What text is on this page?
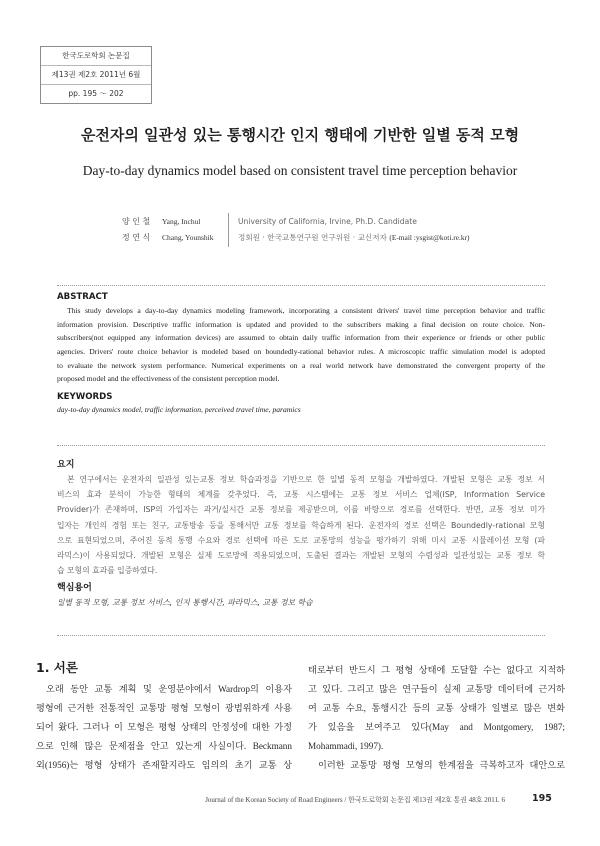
한국도로학회 논문집
제13권 제2호 2011년 6월
pp. 195 ～ 202
운전자의 일관성 있는 통행시간 인지 행태에 기반한 일별 동적 모형
Day-to-day dynamics model based on consistent travel time perception behavior
양 인 철 Yang, Inchul	University of California, Irvine, Ph.D. Candidate
정 연 식 Chang, Younshik	정회원 · 한국교통연구원 연구위원 · 교신저자 (E-mail :ysgist@koti.re.kr)
ABSTRACT
This study develops a day-to-day dynamics modeling framework, incorporating a consistent drivers' travel time perception behavior and traffic
information provision. Descriptive traffic information is updated and provided to the subscribers making a final decision on route choice. Non-
subscribers(not equipped any information devices) are assumed to obtain daily traffic information from their experience or friends or other public
agencies. Drivers' route choice behavior is modeled based on boundedly-rational behavior rules. A microscopic traffic simulation model is adopted
to evaluate the network system performance. Numerical experiments on a real world network have demonstrated the convergent property of the
proposed model and the effectiveness of the consistent perception model.
KEYWORDS
day-to-day dynamics model, traffic information, perceived travel time, paramics
요지
본 연구에서는 운전자의 일관성 있는교통 정보 학습과정을 기반으로 한 일별 동적 모형을 개발하였다. 개발된 모형은 교통 정보 서
비스의 효과 분석이 가능한 형태의 체계를 갖추었다. 즉, 교통 시스템에는 교통 정보 서비스 업체(ISP, Information Service
Provider)가 존재하며, ISP의 가입자는 과거/실시간 교통 정보를 제공받으며, 이를 바탕으로 경로를 선택한다. 반면, 교통 정보 미가
입자는 개인의 경험 또는 친구, 교통방송 등을 통해서만 교통 정보를 학습하게 된다. 운전자의 경로 선택은 Boundedly-rational 모형
으로 표현되었으며, 주어진 동적 통행 수요와 경로 선택에 따른 도로 교통망의 성능을 평가하기 위해 미시 교통 시뮬레이션 모형 (파
라믹스)이 사용되었다. 개발된 모형은 실제 도로망에 적용되었으며, 도출된 결과는 개발된 모형의 수렴성과 일관성있는 교통 정보 학
습 모형의 효과를 입증하였다.
핵심용어
일별 동적 모형, 교통 정보 서비스, 인지 통행시간, 파라믹스, 교통 정보 학습
1. 서론
오래 동안 교통 계획 및 운영분야에서 Wardrop의 이용자
평형에 근거한 전통적인 교통망 평형 모형이 광범위하게 사용
되어 왔다. 그러나 이 모형은 평형 상태의 안정성에 대한 가정
으로 인해 많은 문제점을 안고 있는게 사실이다. Beckmann
외(1956)는 평형 상태가 존재할지라도 임의의 초기 교통 상
태로부터 반드시 그 평형 상태에 도달할 수는 없다고 지적하
고 있다. 그리고 많은 연구들이 실제 교통망 데이터에 근거하
여 교통 수요, 통행시간 등의 교통 상태가 일별로 많은 변화
가 있음을 보여주고 있다(May and Montgomery, 1987;
Mohammadi, 1997).
이러한 교통망 평형 모형의 한계점을 극복하고자 대안으로
Journal of the Korean Society of Road Engineers / 한국도로학회 논문집 제13권 제2호 통권 48호 2011. 6	195
